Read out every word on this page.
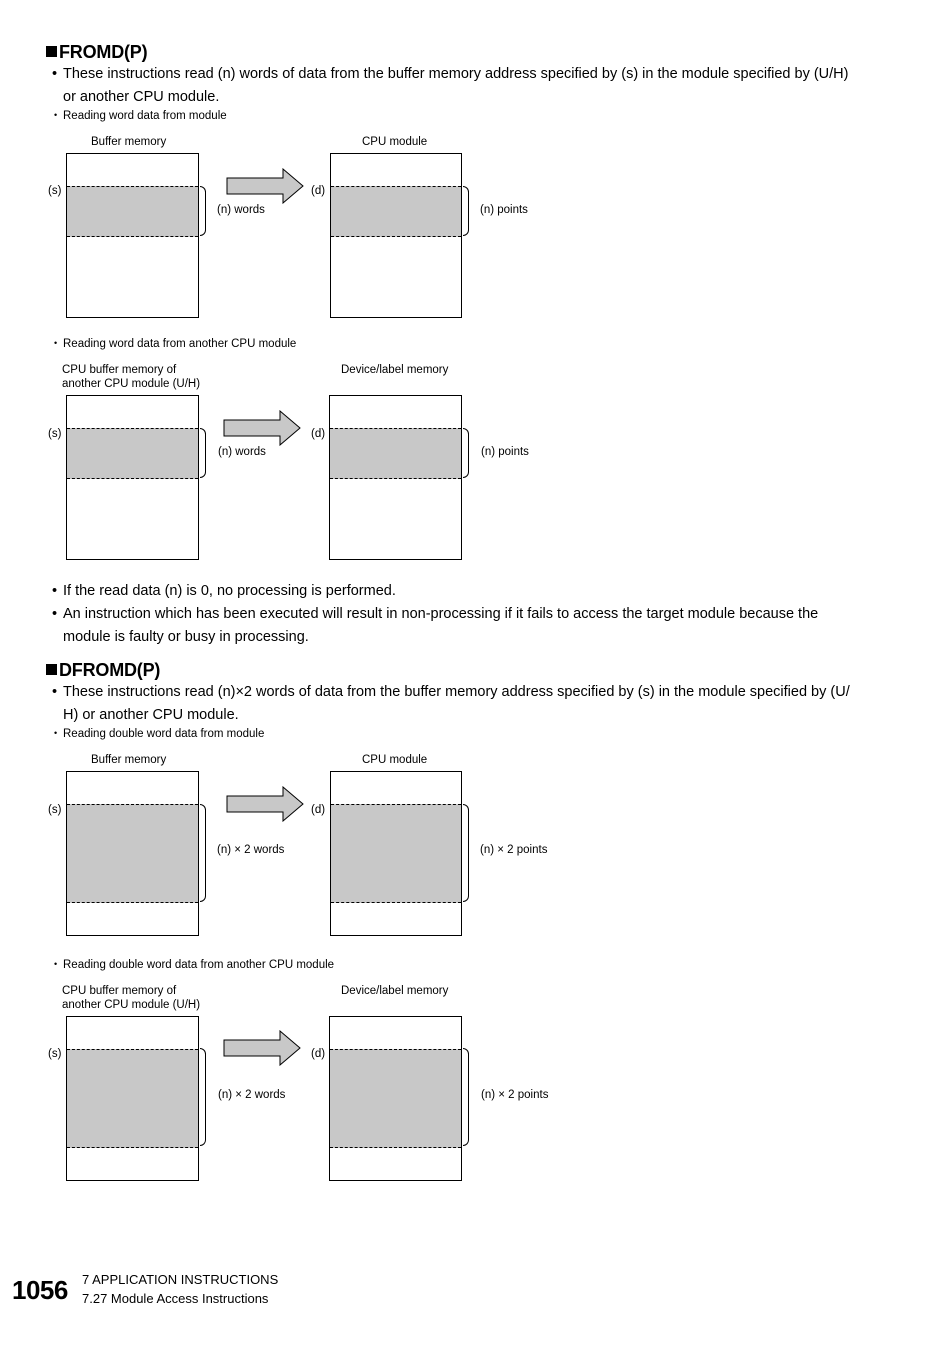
FROMD(P)
• These instructions read (n) words of data from the buffer memory address specified by (s) in the module specified by (U/H)
or another CPU module.
• Reading word data from module
Buffer memory	CPU module
(s)
(n) words
(d)
(n) points
• Reading word data from another CPU module
CPU buffer memory of
another CPU module (U/H)
Device/label memory
(s)
(n) words
(d)
(n) points
• If the read data (n) is 0, no processing is performed.
• An instruction which has been executed will result in non-processing if it fails to access the target module because the
module is faulty or busy in processing.
DFROMD(P)
• These instructions read (n)×2 words of data from the buffer memory address specified by (s) in the module specified by (U/
H) or another CPU module.
• Reading double word data from module
Buffer memory	CPU module
(s)
(n) × 2 words
(d)
(n) × 2 points
• Reading double word data from another CPU module
CPU buffer memory of
another CPU module (U/H)
Device/label memory
(s)
(n) × 2 words
(d)
(n) × 2 points
1056 7 APPLICATION INSTRUCTIONS
7.27 Module Access Instructions
